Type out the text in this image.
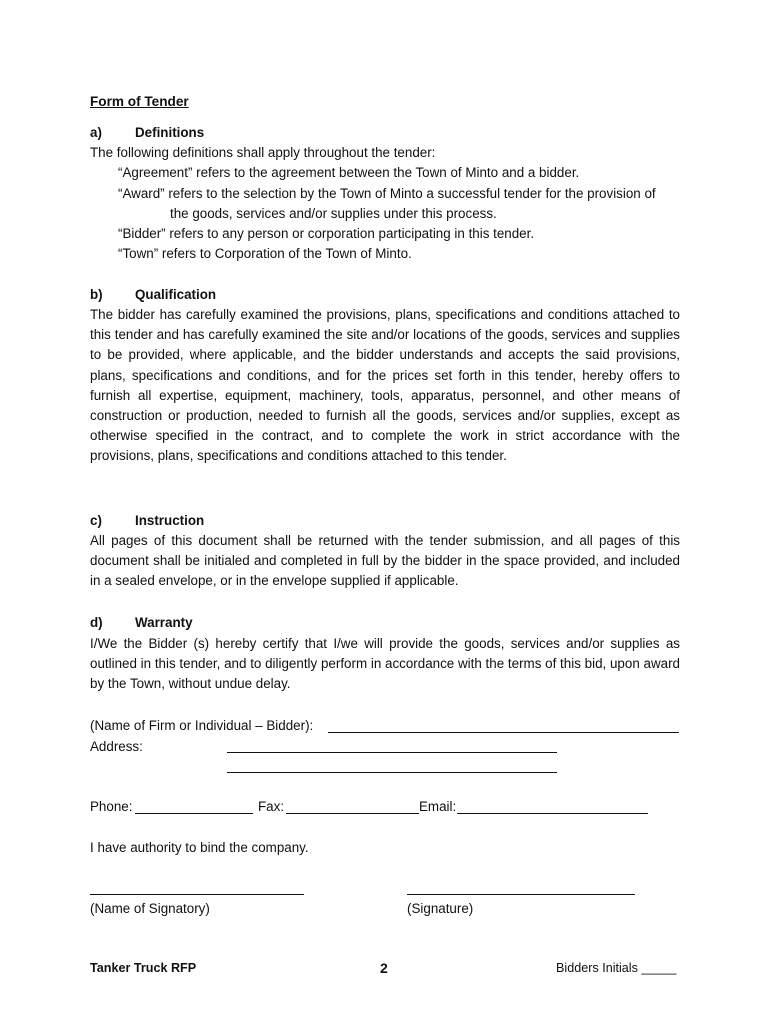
Form of Tender
a) Definitions
The following definitions shall apply throughout the tender:
“Agreement” refers to the agreement between the Town of Minto and a bidder.
“Award” refers to the selection by the Town of Minto a successful tender for the provision of
the goods, services and/or supplies under this process.
“Bidder” refers to any person or corporation participating in this tender.
“Town” refers to Corporation of the Town of Minto.
b) Qualification

The bidder has carefully examined the provisions, plans, specifications and conditions attached to this tender and has carefully examined the site and/or locations of the goods, services and supplies to be provided, where applicable, and the bidder understands and accepts the said provisions, plans, specifications and conditions, and for the prices set forth in this tender, hereby offers to furnish all expertise, equipment, machinery, tools, apparatus, personnel, and other means of construction or production, needed to furnish all the goods, services and/or supplies, except as otherwise specified in the contract, and to complete the work in strict accordance with the provisions, plans, specifications and conditions attached to this tender.

c) Instruction

All pages of this document shall be returned with the tender submission, and all pages of this document shall be initialed and completed in full by the bidder in the space provided, and included in a sealed envelope, or in the envelope supplied if applicable.

d) Warranty

I/We the Bidder (s) hereby certify that I/we will provide the goods, services and/or supplies as outlined in this tender, and to diligently perform in accordance with the terms of this bid, upon award by the Town, without undue delay.

(Name of Firm or Individual – Bidder):
Address:
Phone:	Fax:	Email:
I have authority to bind the company.
(Name of Signatory)	(Signature)
Tanker Truck RFP	2	Bidders Initials _____
